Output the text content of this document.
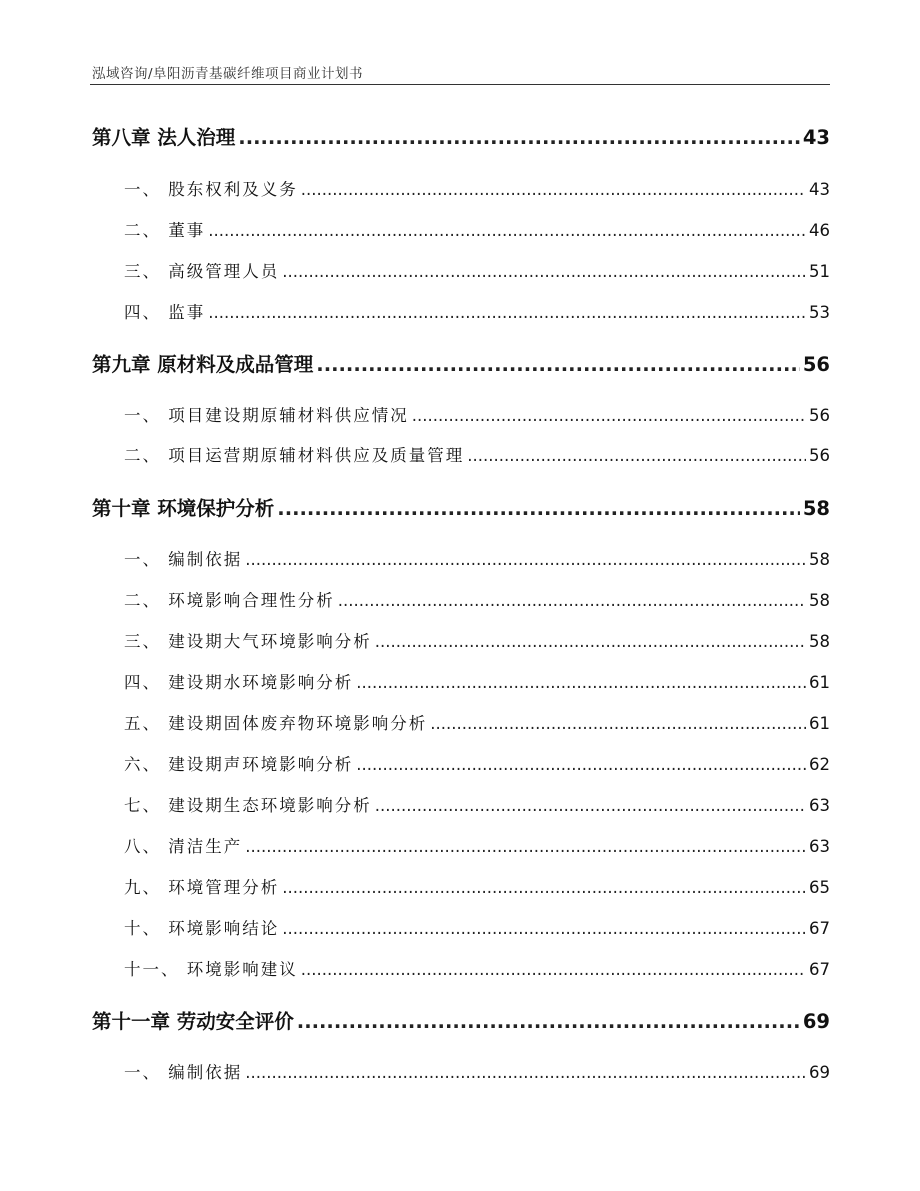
泓域咨询/阜阳沥青基碳纤维项目商业计划书
第八章 法人治理 .....	43
一、 股东权利及义务 .....	43
二、 董事 .....	46
三、 高级管理人员 .....	51
四、 监事 .....	53
第九章 原材料及成品管理 .....	56
一、 项目建设期原辅材料供应情况 .....	56
二、 项目运营期原辅材料供应及质量管理 .....	56
第十章 环境保护分析 .....	58
一、 编制依据 .....	58
二、 环境影响合理性分析 .....	58
三、 建设期大气环境影响分析 .....	58
四、 建设期水环境影响分析 .....	61
五、 建设期固体废弃物环境影响分析 .....	61
六、 建设期声环境影响分析 .....	62
七、 建设期生态环境影响分析 .....	63
八、 清洁生产 .....	63
九、 环境管理分析 .....	65
十、 环境影响结论 .....	67
十一、 环境影响建议 .....	67
第十一章 劳动安全评价 .....	69
一、 编制依据 .....	69
